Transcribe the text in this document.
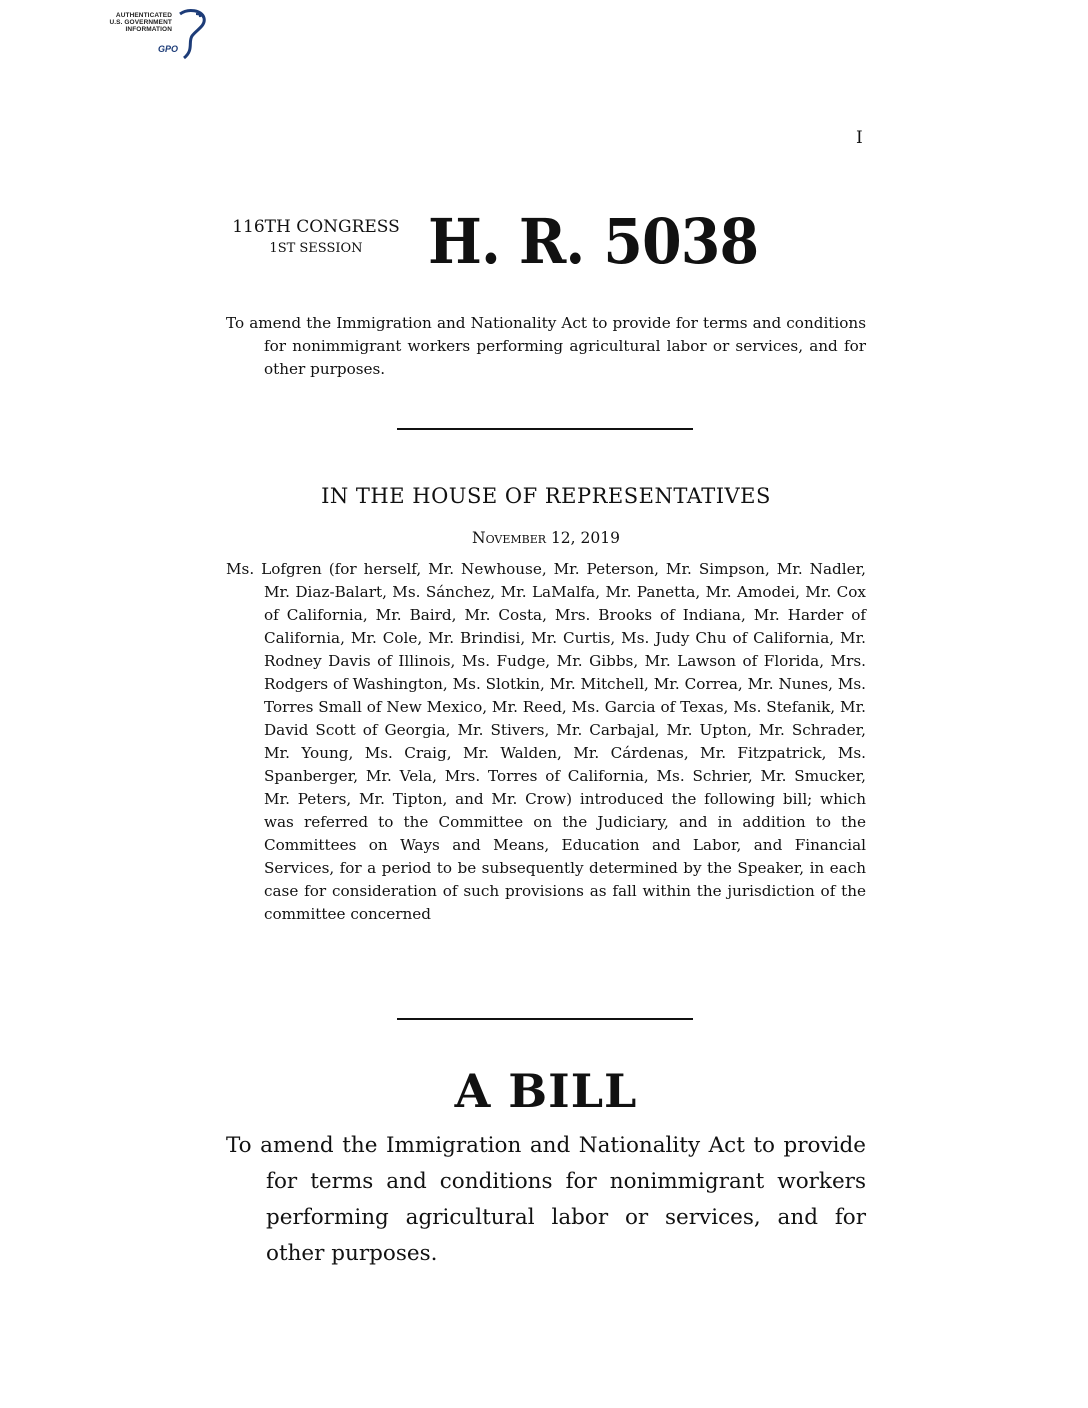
AUTHENTICATED
U.S. GOVERNMENT
INFORMATION
GPO
I
116TH CONGRESS
1ST SESSION	H. R. 5038
To amend the Immigration and Nationality Act to provide for terms and conditions for nonimmigrant workers performing agricultural labor or services, and for other purposes.
IN THE HOUSE OF REPRESENTATIVES
November 12, 2019
Ms. Lofgren (for herself, Mr. Newhouse, Mr. Peterson, Mr. Simpson, Mr. Nadler, Mr. Diaz-Balart, Ms. Sánchez, Mr. LaMalfa, Mr. Panetta, Mr. Amodei, Mr. Cox of California, Mr. Baird, Mr. Costa, Mrs. Brooks of Indiana, Mr. Harder of California, Mr. Cole, Mr. Brindisi, Mr. Curtis, Ms. Judy Chu of California, Mr. Rodney Davis of Illinois, Ms. Fudge, Mr. Gibbs, Mr. Lawson of Florida, Mrs. Rodgers of Washington, Ms. Slotkin, Mr. Mitchell, Mr. Correa, Mr. Nunes, Ms. Torres Small of New Mexico, Mr. Reed, Ms. Garcia of Texas, Ms. Stefanik, Mr. David Scott of Georgia, Mr. Stivers, Mr. Carbajal, Mr. Upton, Mr. Schrader, Mr. Young, Ms. Craig, Mr. Walden, Mr. Cárdenas, Mr. Fitzpatrick, Ms. Spanberger, Mr. Vela, Mrs. Torres of California, Ms. Schrier, Mr. Smucker, Mr. Peters, Mr. Tipton, and Mr. Crow) introduced the following bill; which was referred to the Committee on the Judiciary, and in addition to the Committees on Ways and Means, Education and Labor, and Financial Services, for a period to be subsequently determined by the Speaker, in each case for consideration of such provisions as fall within the jurisdiction of the committee concerned
A BILL
To amend the Immigration and Nationality Act to provide for terms and conditions for nonimmigrant workers performing agricultural labor or services, and for other purposes.
